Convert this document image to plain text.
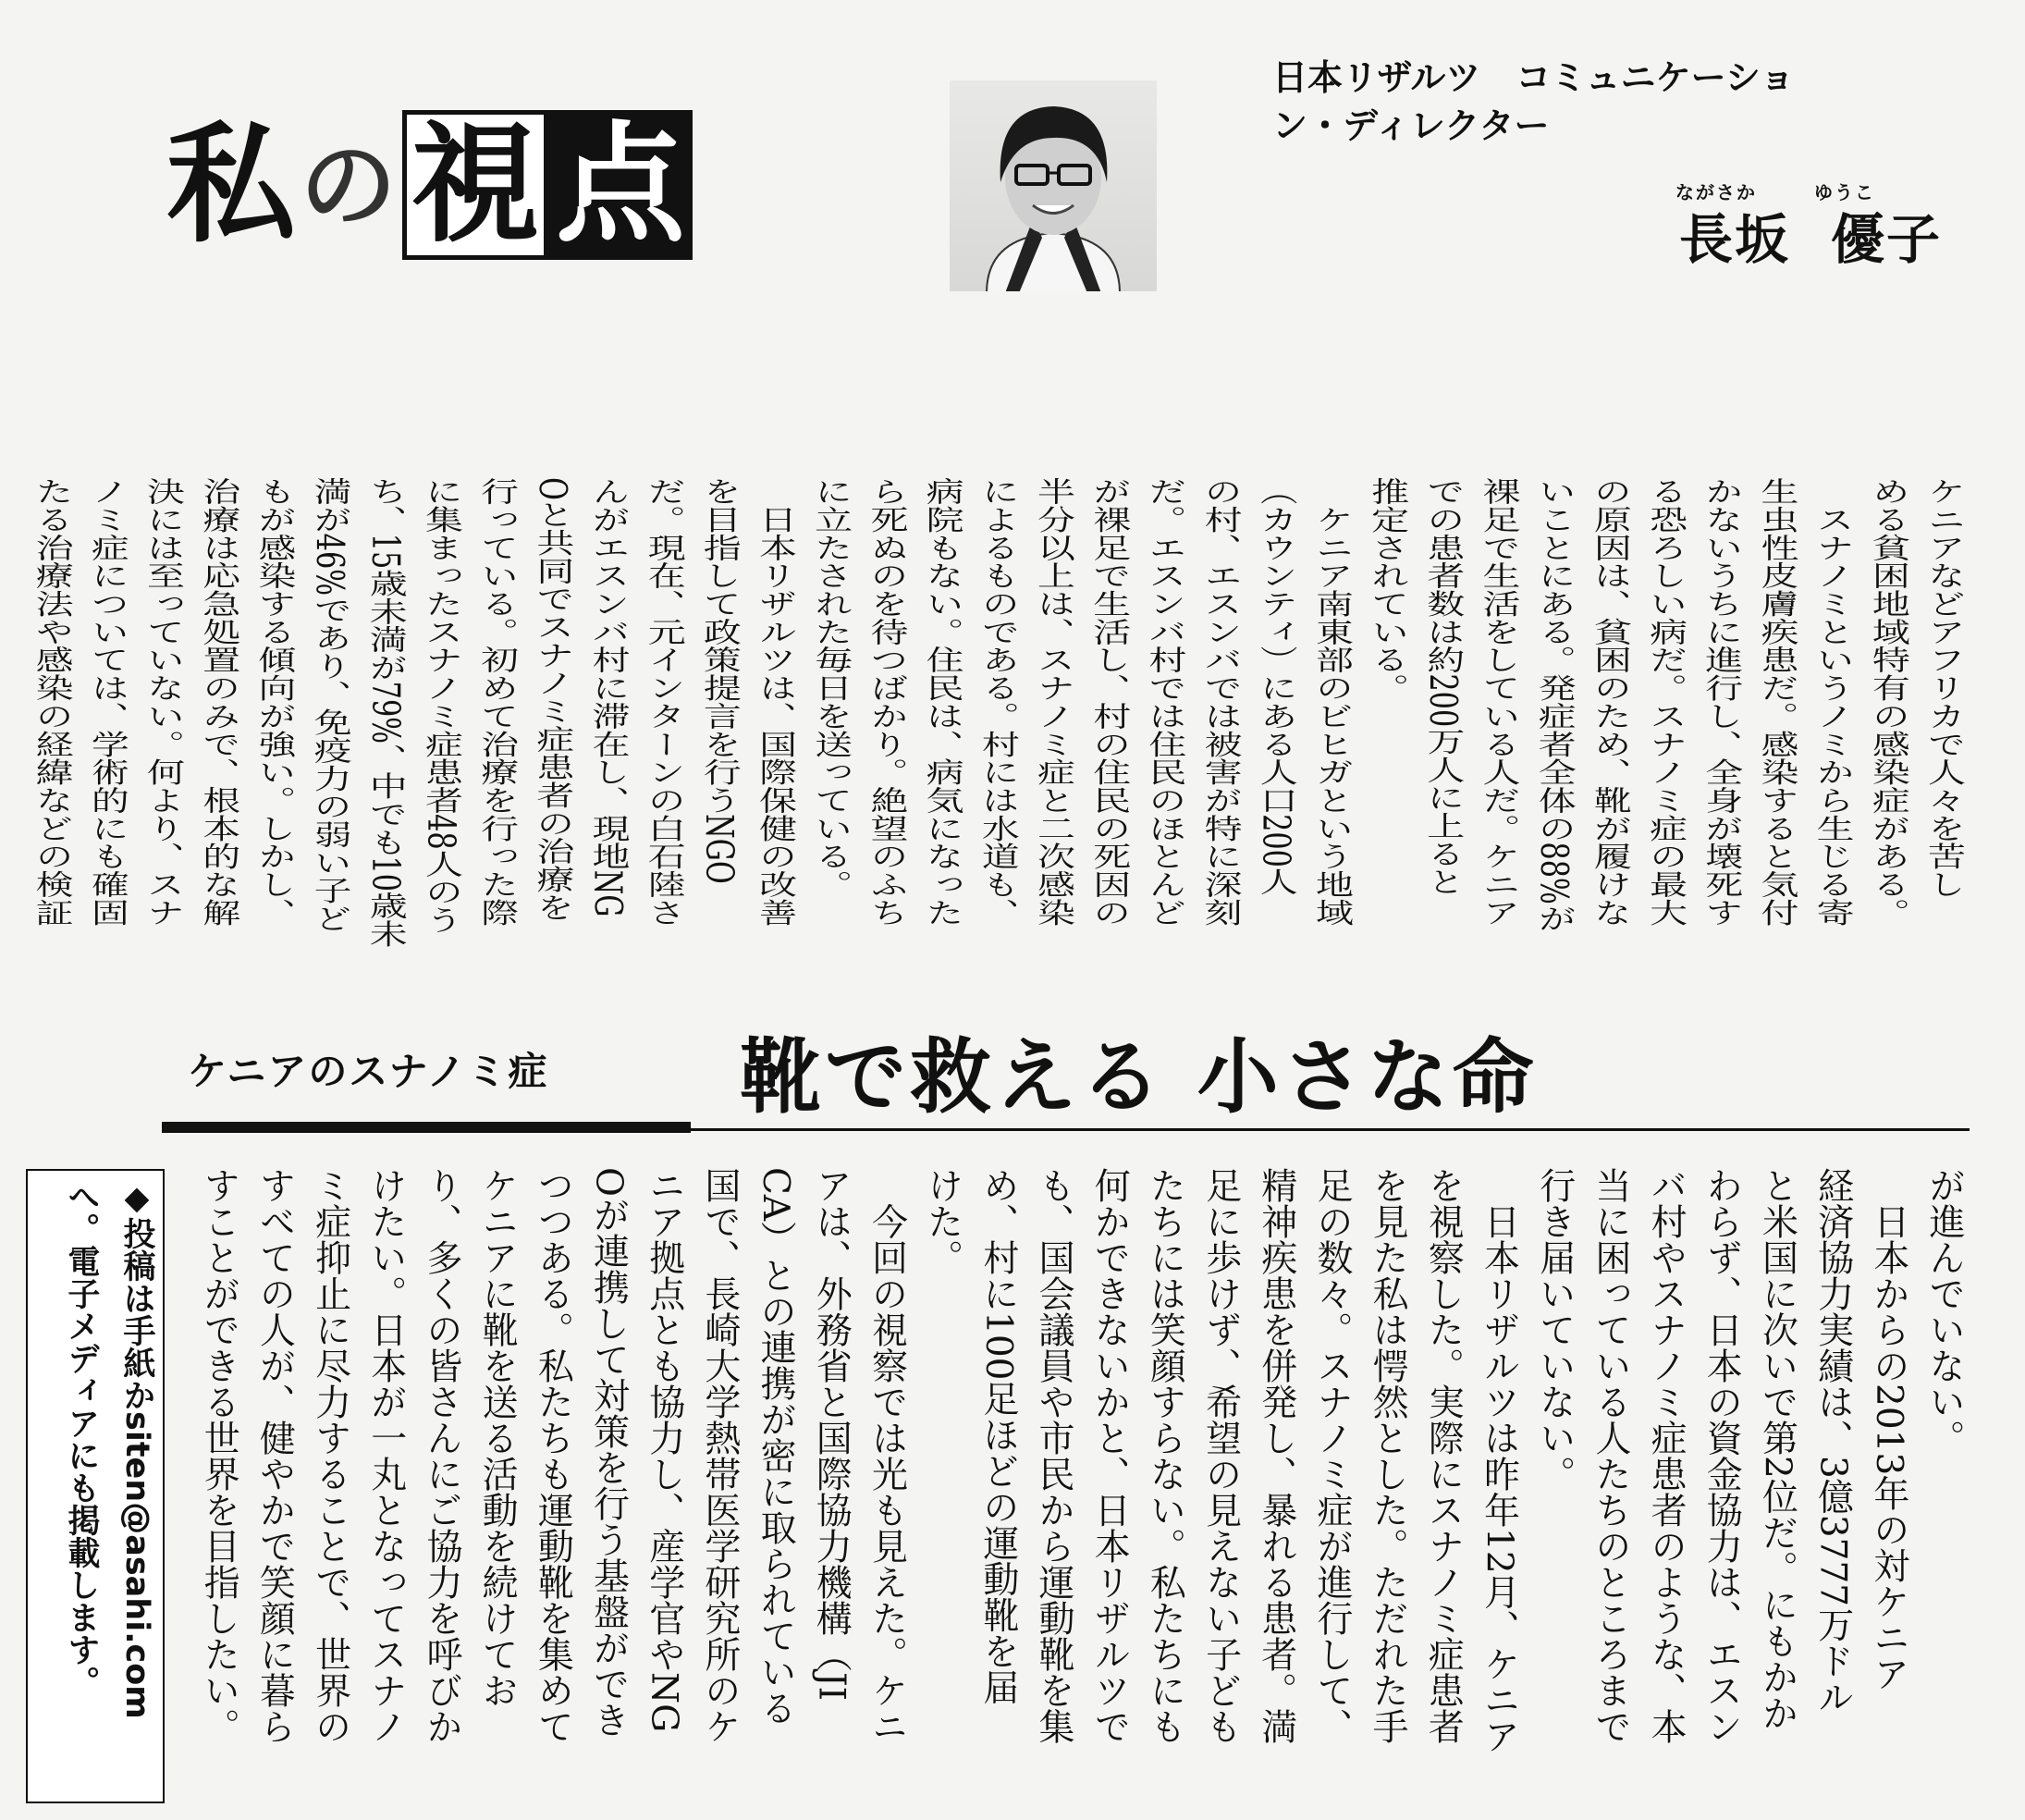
私 の 視 点
日本リザルツ　コミュニケーショ
ン・ディレクター
ながさか	ゆうこ
長坂 優子
ケニアなどアフリカで人々を苦し
める貧困地域特有の感染症がある。
　スナノミというノミから生じる寄
生虫性皮膚疾患だ。感染すると気付
かないうちに進行し、全身が壊死す
る恐ろしい病だ。スナノミ症の最大
の原因は、貧困のため、靴が履けな
いことにある。発症者全体の88%が
裸足で生活をしている人だ。ケニア
での患者数は約200万人に上ると
推定されている。
　ケニア南東部のビヒガという地域
（カウンティ）にある人口200人
の村、エスンバでは被害が特に深刻
だ。エスンバ村では住民のほとんど
が裸足で生活し、村の住民の死因の
半分以上は、スナノミ症と二次感染
によるものである。村には水道も、
病院もない。住民は、病気になった
ら死ぬのを待つばかり。絶望のふち
に立たされた毎日を送っている。
　日本リザルツは、国際保健の改善
を目指して政策提言を行うNGO
だ。現在、元インターンの白石陸さ
んがエスンバ村に滞在し、現地NG
Oと共同でスナノミ症患者の治療を
行っている。初めて治療を行った際
に集まったスナノミ症患者48人のう
ち、15歳未満が79%、中でも10歳未
満が46%であり、免疫力の弱い子ど
もが感染する傾向が強い。しかし、
治療は応急処置のみで、根本的な解
決には至っていない。何より、スナ
ノミ症については、学術的にも確固
たる治療法や感染の経緯などの検証
ケニアのスナノミ症 靴で救える 小さな命
が進んでいない。
　日本からの2013年の対ケニア
経済協力実績は、3億3777万ドル
と米国に次いで第2位だ。にもかか
わらず、日本の資金協力は、エスン
バ村やスナノミ症患者のような、本
当に困っている人たちのところまで
行き届いていない。
　日本リザルツは昨年12月、ケニア
を視察した。実際にスナノミ症患者
を見た私は愕然とした。ただれた手
足の数々。スナノミ症が進行して、
精神疾患を併発し、暴れる患者。満
足に歩けず、希望の見えない子ども
たちには笑顔すらない。私たちにも
何かできないかと、日本リザルツで
も、国会議員や市民から運動靴を集
め、村に100足ほどの運動靴を届
けた。
　今回の視察では光も見えた。ケニ
アは、外務省と国際協力機構（JI
CA）との連携が密に取られている
国で、長崎大学熱帯医学研究所のケ
ニア拠点とも協力し、産学官やNG
Oが連携して対策を行う基盤ができ
つつある。私たちも運動靴を集めて
ケニアに靴を送る活動を続けてお
り、多くの皆さんにご協力を呼びか
けたい。日本が一丸となってスナノ
ミ症抑止に尽力することで、世界の
すべての人が、健やかで笑顔に暮ら
すことができる世界を目指したい。
◆投稿は手紙かsiten@asahi.com
へ。電子メディアにも掲載します。
